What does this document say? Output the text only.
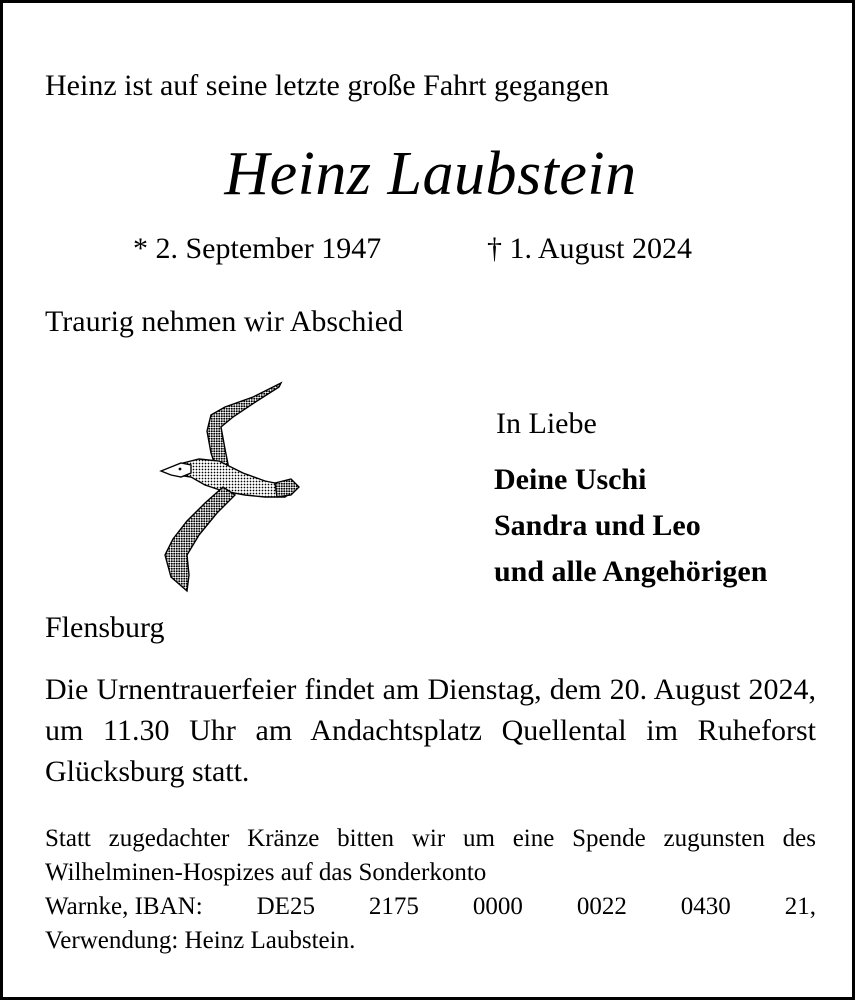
Heinz ist auf seine letzte große Fahrt gegangen
Heinz Laubstein
* 2. September 1947	† 1. August 2024
Traurig nehmen wir Abschied
In Liebe
Deine Uschi
Sandra und Leo
und alle Angehörigen
Flensburg
Die Urnentrauerfeier findet am Dienstag, dem 20. August 2024, um 11.30 Uhr am Andachtsplatz Quellental im Ruheforst Glücksburg statt.
Statt zugedachter Kränze bitten wir um eine Spende zugunsten des Wilhelminen-Hospizes auf das Sonderkonto
Warnke, IBAN: DE25 2175 0000 0022 0430 21,
Verwendung: Heinz Laubstein.
